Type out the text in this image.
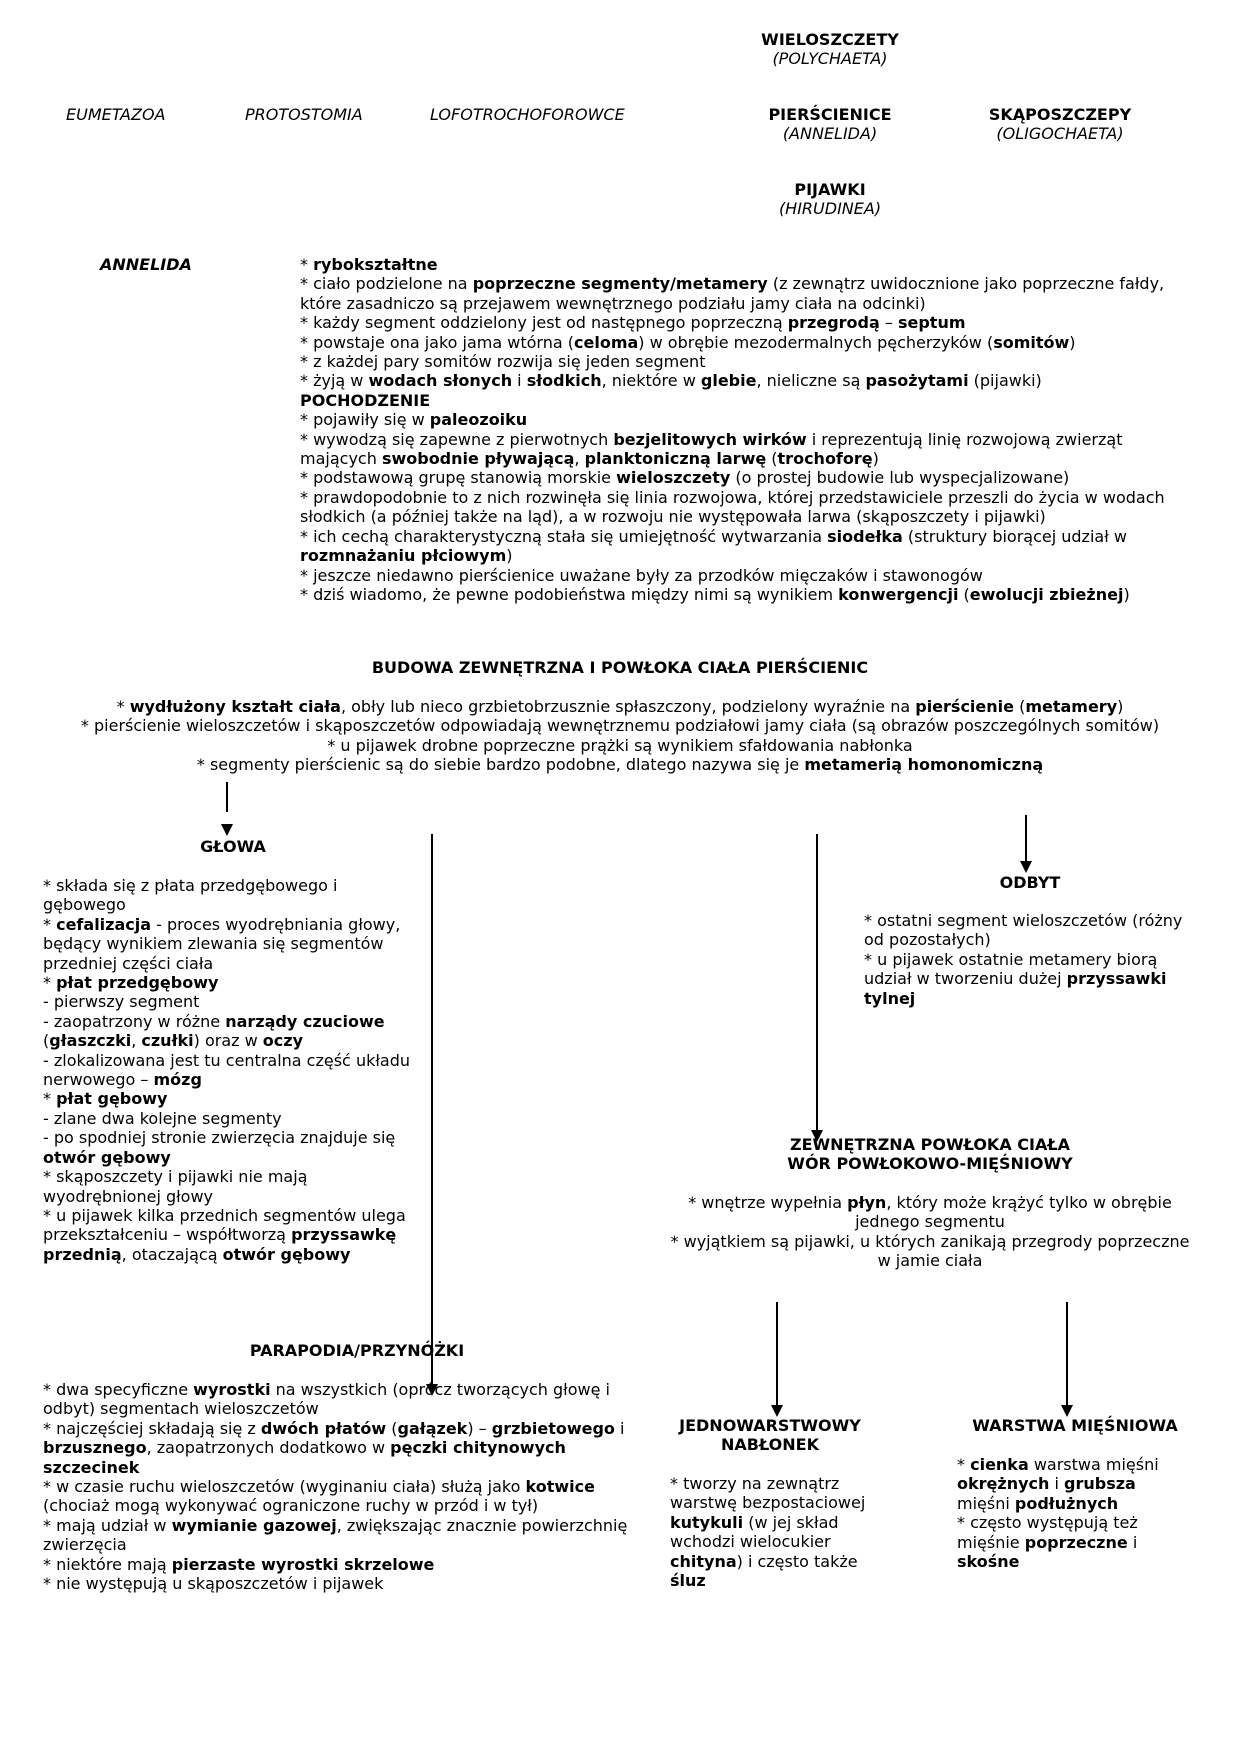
WIELOSZCZETY
(POLYCHAETA)
EUMETAZOA	PROTOSTOMIA	LOFOTROCHOFOROWCE	PIERŚCIENICE
(ANNELIDA)
SKĄPOSZCZEPY
(OLIGOCHAETA)
PIJAWKI
(HIRUDINEA)
ANNELIDA	* rybokształtne

* ciało podzielone na poprzeczne segmenty/metamery (z zewnątrz uwidocznione jako poprzeczne fałdy,

które zasadniczo są przejawem wewnętrznego podziału jamy ciała na odcinki)

* każdy segment oddzielony jest od następnego poprzeczną przegrodą – septum

* powstaje ona jako jama wtórna (celoma) w obrębie mezodermalnych pęcherzyków (somitów)

* z każdej pary somitów rozwija się jeden segment

* żyją w wodach słonych i słodkich, niektóre w glebie, nieliczne są pasożytami (pijawki)

POCHODZENIE

* pojawiły się w paleozoiku

* wywodzą się zapewne z pierwotnych bezjelitowych wirków i reprezentują linię rozwojową zwierząt

mających swobodnie pływającą, planktoniczną larwę (trochoforę)

* podstawową grupę stanowią morskie wieloszczety (o prostej budowie lub wyspecjalizowane)

* prawdopodobnie to z nich rozwinęła się linia rozwojowa, której przedstawiciele przeszli do życia w wodach

słodkich (a później także na ląd), a w rozwoju nie występowała larwa (skąposzczety i pijawki)

* ich cechą charakterystyczną stała się umiejętność wytwarzania siodełka (struktury biorącej udział w

rozmnażaniu płciowym)

* jeszcze niedawno pierścienice uważane były za przodków mięczaków i stawonogów

* dziś wiadomo, że pewne podobieństwa między nimi są wynikiem konwergencji (ewolucji zbieżnej)

BUDOWA ZEWNĘTRZNA I POWŁOKA CIAŁA PIERŚCIENIC

* wydłużony kształt ciała, obły lub nieco grzbietobrzusznie spłaszczony, podzielony wyraźnie na pierścienie (metamery)

* pierścienie wieloszczetów i skąposzczetów odpowiadają wewnętrznemu podziałowi jamy ciała (są obrazów poszczególnych somitów)

* u pijawek drobne poprzeczne prążki są wynikiem sfałdowania nabłonka

* segmenty pierścienic są do siebie bardzo podobne, dlatego nazywa się je metamerią homonomiczną

GŁOWA

* składa się z płata przedgębowego i

gębowego

* cefalizacja - proces wyodrębniania głowy,

będący wynikiem zlewania się segmentów

przedniej części ciała

* płat przedgębowy

- pierwszy segment

- zaopatrzony w różne narządy czuciowe

(głaszczki, czułki) oraz w oczy

- zlokalizowana jest tu centralna część układu

nerwowego – mózg

* płat gębowy

- zlane dwa kolejne segmenty

- po spodniej stronie zwierzęcia znajduje się

otwór gębowy

* skąposzczety i pijawki nie mają

wyodrębnionej głowy

* u pijawek kilka przednich segmentów ulega

przekształceniu – współtworzą przyssawkę

przednią, otaczającą otwór gębowy

ODBYT

* ostatni segment wieloszczetów (różny

od pozostałych)

* u pijawek ostatnie metamery biorą

udział w tworzeniu dużej przyssawki

tylnej

ZEWNĘTRZNA POWŁOKA CIAŁA
WÓR POWŁOKOWO-MIĘŚNIOWY

* wnętrze wypełnia płyn, który może krążyć tylko w obrębie

jednego segmentu

* wyjątkiem są pijawki, u których zanikają przegrody poprzeczne

w jamie ciała

PARAPODIA/PRZYNÓŻKI

* dwa specyficzne wyrostki na wszystkich (oprócz tworzących głowę i

odbyt) segmentach wieloszczetów

* najczęściej składają się z dwóch płatów (gałązek) – grzbietowego i

brzusznego, zaopatrzonych dodatkowo w pęczki chitynowych

szczecinek

* w czasie ruchu wieloszczetów (wyginaniu ciała) służą jako kotwice

(chociaż mogą wykonywać ograniczone ruchy w przód i w tył)

* mają udział w wymianie gazowej, zwiększając znacznie powierzchnię

zwierzęcia

* niektóre mają pierzaste wyrostki skrzelowe

* nie występują u skąposzczetów i pijawek

JEDNOWARSTWOWY
NABŁONEK

* tworzy na zewnątrz

warstwę bezpostaciowej

kutykuli (w jej skład

wchodzi wielocukier

chityna) i często także

śluz

WARSTWA MIĘŚNIOWA

* cienka warstwa mięśni

okrężnych i grubsza

mięśni podłużnych

* często występują też

mięśnie poprzeczne i

skośne
